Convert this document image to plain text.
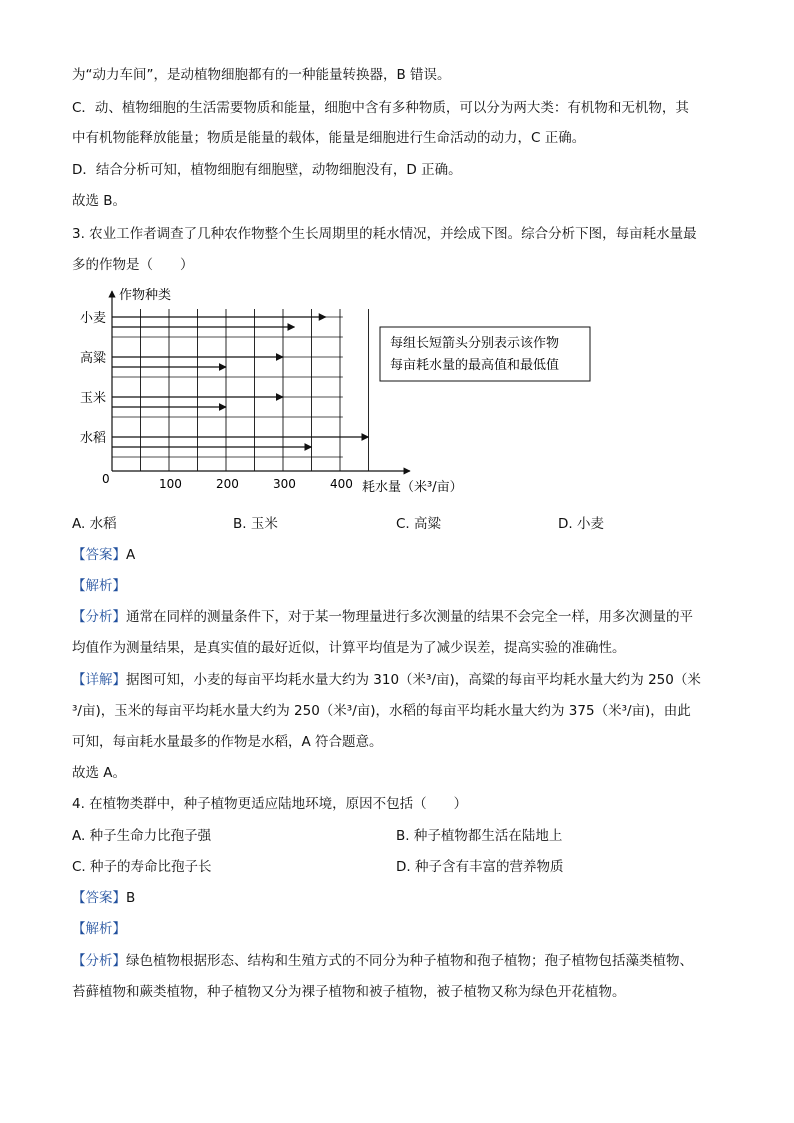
为“动力车间”，是动植物细胞都有的一种能量转换器，B 错误。
C．动、植物细胞的生活需要物质和能量，细胞中含有多种物质，可以分为两大类：有机物和无机物，其
中有机物能释放能量；物质是能量的载体，能量是细胞进行生命活动的动力，C 正确。
D．结合分析可知，植物细胞有细胞壁，动物细胞没有，D 正确。
故选 B。
3. 农业工作者调查了几种农作物整个生长周期里的耗水情况，并绘成下图。综合分析下图，每亩耗水量最
多的作物是（　　）
作物种类
耗水量（米³/亩）
0	100	200	300	400
小麦
高粱
玉米
水稻
每组长短箭头分别表示该作物
每亩耗水量的最高值和最低值
A. 水稻	B. 玉米	C. 高粱	D. 小麦
【答案】A
【解析】
【分析】通常在同样的测量条件下，对于某一物理量进行多次测量的结果不会完全一样，用多次测量的平
均值作为测量结果，是真实值的最好近似，计算平均值是为了减少误差，提高实验的准确性。
【详解】据图可知，小麦的每亩平均耗水量大约为 310（米³/亩)，高粱的每亩平均耗水量大约为 250（米
³/亩)，玉米的每亩平均耗水量大约为 250（米³/亩)，水稻的每亩平均耗水量大约为 375（米³/亩)，由此
可知，每亩耗水量最多的作物是水稻，A 符合题意。
故选 A。
4. 在植物类群中，种子植物更适应陆地环境，原因不包括（　　）
A. 种子生命力比孢子强	B. 种子植物都生活在陆地上
C. 种子的寿命比孢子长	D. 种子含有丰富的营养物质
【答案】B
【解析】
【分析】绿色植物根据形态、结构和生殖方式的不同分为种子植物和孢子植物；孢子植物包括藻类植物、
苔藓植物和蕨类植物，种子植物又分为裸子植物和被子植物，被子植物又称为绿色开花植物。
